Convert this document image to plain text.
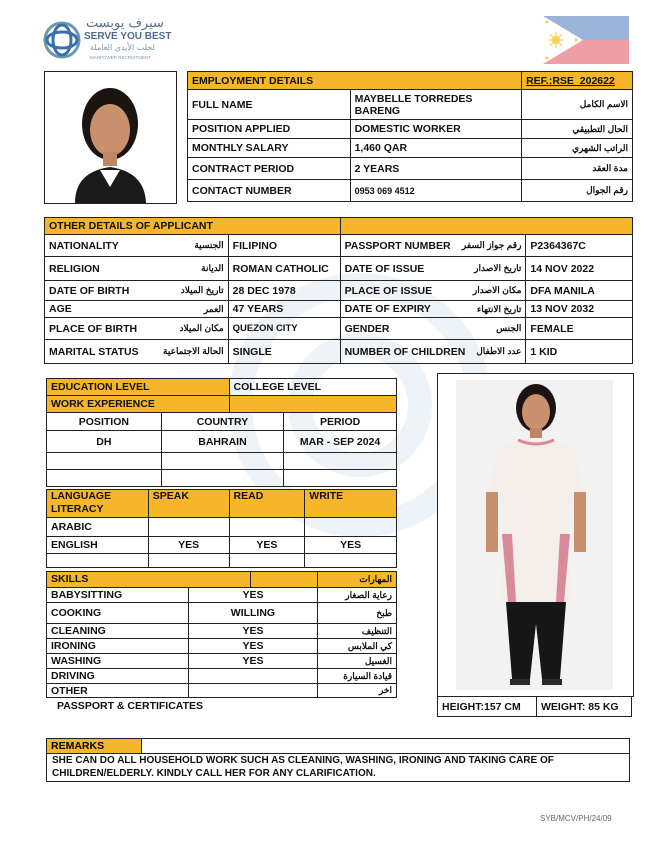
سيرف يوبست
SERVE YOU BEST
لجلب الأيدي العاملة
MANPOWER RECRUITMENT
EMPLOYMENT DETAILS		REF.:RSE_202622
FULL NAME	MAYBELLE TORREDES BARENG	الاسم الكامل
POSITION APPLIED	DOMESTIC WORKER	الحال التطبيقي
MONTHLY SALARY	1,460 QAR	الراتب الشهري
CONTRACT PERIOD	2 YEARS	مدة العقد
CONTACT NUMBER	0953 069 4512	رقم الجوال
OTHER DETAILS OF APPLICANT			

NATIONALITY الجنسية	FILIPINO	PASSPORT NUMBER رقم جواز السفر	P2364367C

RELIGION الديانة	ROMAN CATHOLIC	DATE OF ISSUE تاريخ الاصدار	14 NOV 2022

DATE OF BIRTH تاريخ الميلاد	28 DEC 1978	PLACE OF ISSUE مكان الاصدار	DFA MANILA

AGE العمر	47 YEARS	DATE OF EXPIRY تاريخ الانتهاء	13 NOV 2032

PLACE OF BIRTH مكان الميلاد	QUEZON CITY	GENDER الجنس	FEMALE

MARITAL STATUS الحالة الاجتماعية	SINGLE	NUMBER OF CHILDREN عدد الاطفال	1 KID
EDUCATION LEVEL		COLLEGE LEVEL	
WORK EXPERIENCE			
POSITION	COUNTRY		PERIOD
DH	BAHRAIN		MAR - SEP 2024

LANGUAGE LITERACY	SPEAK	READ	WRITE
ARABIC			
ENGLISH	YES	YES	YES

SKILLS		المهارات
BABYSITTING	YES	رعاية الصغار
COOKING	WILLING	طبخ
CLEANING	YES	التنظيف
IRONING	YES	كي الملابس
WASHING	YES	الغسيل
DRIVING		قيادة السيارة
OTHER		اخر
PASSPORT & CERTIFICATES	HEIGHT:157 CM	WEIGHT: 85 KG
REMARKS
SHE CAN DO ALL HOUSEHOLD WORK SUCH AS CLEANING, WASHING, IRONING AND TAKING CARE OF CHILDREN/ELDERLY. KINDLY CALL HER FOR ANY CLARIFICATION.
SYB/MCV/PH/24/09
